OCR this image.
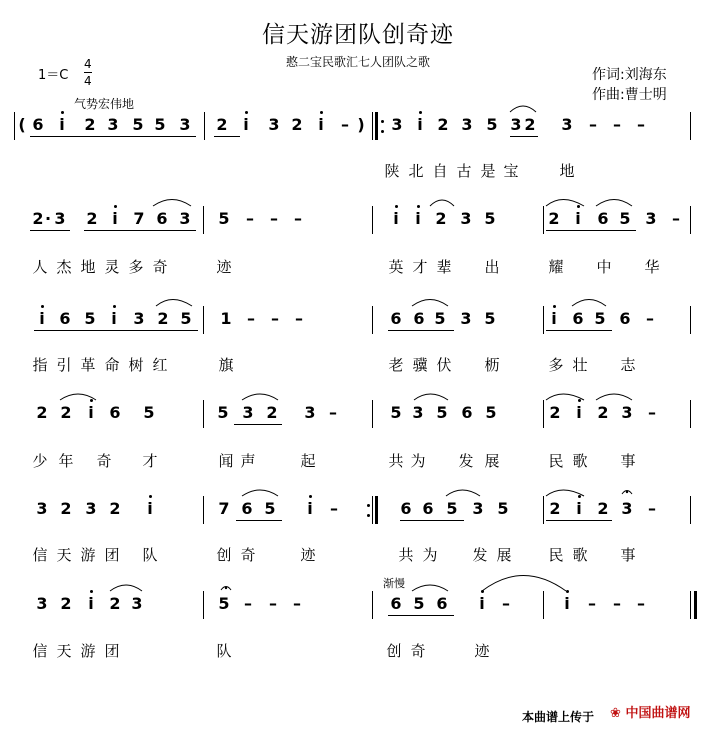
信天游团队创奇迹
憨二宝民歌汇七人团队之歌
$1=C \frac{4}{4}$
气势宏伟地
作词:刘海东
作曲:曹士明
渐慢
( 6 i 2 3 5 5 3 2 i 3 2 i – ) 3 i 2 3 5 3 2 3 – – –
陕 北 自 古 是 宝	地
2 · 3 2 i 7 6 3 5 – – –	i i 2 3 5	2 i 6 5 3 –
人 杰 地 灵 多 奇	迹	英 才 辈 出	耀 中 华
i 6 5 i 3 2 5 1 – – –	6 6 5 3 5	i 6 5 6 –
指 引 革 命 树 红	旗	老 骥 伏 枥	多 壮 志
2 2 i 6 5	5 3 2 3 –	5 3 5 6 5	2 i 2 3 –
少 年 奇 才	闻 声	起	共 为 发 展	民 歌 事
3 2 3 2 i	7 6 5 i –	6 6 5 3 5	2 i 2 3 –
信 天 游 团 队	创 奇	迹	共 为 发 展 民 歌 事
3 2 i 2 3	5 – – –	6 5 6 i –	i – – –
信 天 游 团	队	创 奇	迹
本曲谱上传于 ❀ 中国曲谱网
